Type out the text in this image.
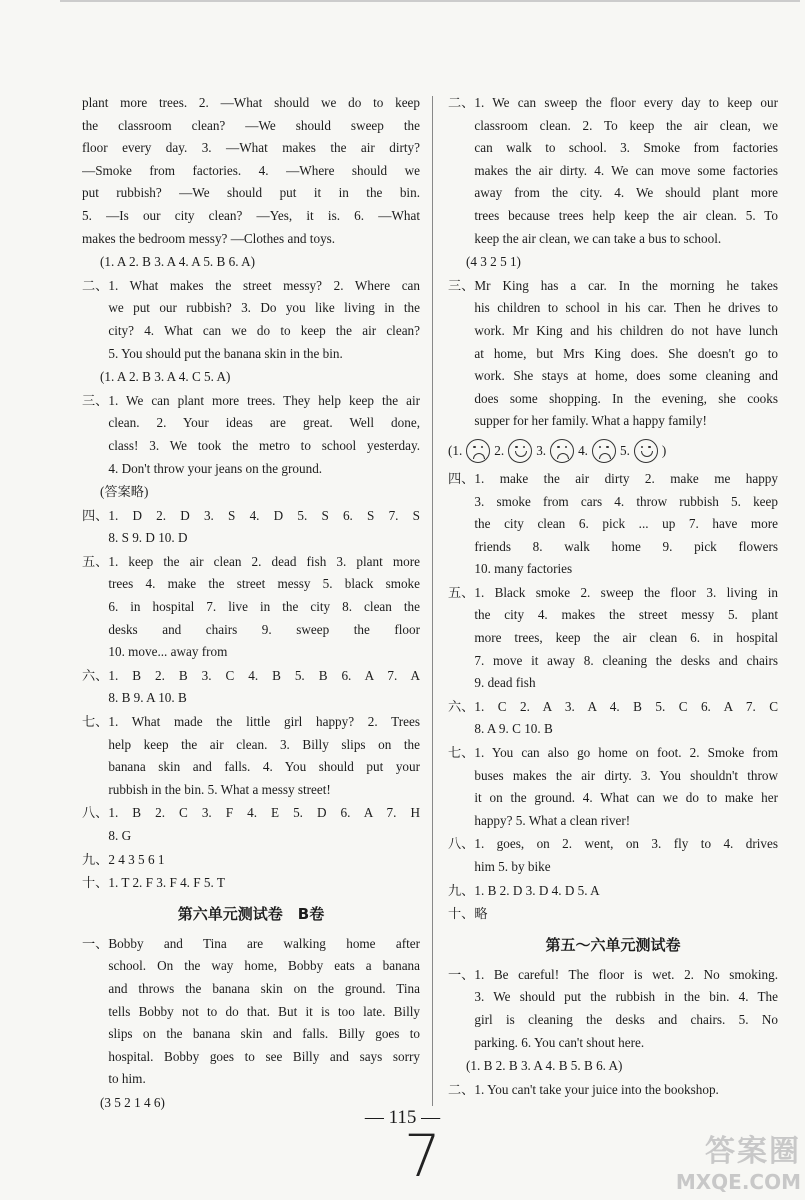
plant more trees. 2. —What should we do to keep
the classroom clean? —We should sweep the
floor every day. 3. —What makes the air dirty?
—Smoke from factories. 4. —Where should we
put rubbish? —We should put it in the bin.
5. —Is our city clean? —Yes, it is. 6. —What
makes the bedroom messy? —Clothes and toys.
(1. A 2. B 3. A 4. A 5. B 6. A)
二、 1. What makes the street messy? 2. Where can
we put our rubbish? 3. Do you like living in the
city? 4. What can we do to keep the air clean?
5. You should put the banana skin in the bin.
(1. A 2. B 3. A 4. C 5. A)
三、 1. We can plant more trees. They help keep the air
clean. 2. Your ideas are great. Well done,
class! 3. We took the metro to school yesterday.
4. Don't throw your jeans on the ground.
(答案略)
四、 1. D 2. D 3. S 4. D 5. S 6. S 7. S
8. S 9. D 10. D
五、 1. keep the air clean 2. dead fish 3. plant more
trees 4. make the street messy 5. black smoke
6. in hospital 7. live in the city 8. clean the
desks and chairs 9. sweep the floor
10. move... away from
六、 1. B 2. B 3. C 4. B 5. B 6. A 7. A
8. B 9. A 10. B
七、 1. What made the little girl happy? 2. Trees
help keep the air clean. 3. Billy slips on the
banana skin and falls. 4. You should put your
rubbish in the bin. 5. What a messy street!
八、 1. B 2. C 3. F 4. E 5. D 6. A 7. H
8. G
九、 2 4 3 5 6 1
十、 1. T 2. F 3. F 4. F 5. T
第六单元测试卷　B卷
一、 Bobby and Tina are walking home after
school. On the way home, Bobby eats a banana
and throws the banana skin on the ground. Tina
tells Bobby not to do that. But it is too late. Billy
slips on the banana skin and falls. Billy goes to
hospital. Bobby goes to see Billy and says sorry
to him.
(3 5 2 1 4 6)
二、 1. We can sweep the floor every day to keep our
classroom clean. 2. To keep the air clean, we
can walk to school. 3. Smoke from factories
makes the air dirty. 4. We can move some factories
away from the city. 4. We should plant more
trees because trees help keep the air clean. 5. To
keep the air clean, we can take a bus to school.
(4 3 2 5 1)
三、 Mr King has a car. In the morning he takes
his children to school in his car. Then he drives to
work. Mr King and his children do not have lunch
at home, but Mrs King does. She doesn't go to
work. She stays at home, does some cleaning and
does some shopping. In the evening, she cooks
supper for her family. What a happy family!
(1. 2. 3. 4. 5. )
四、 1. make the air dirty 2. make me happy
3. smoke from cars 4. throw rubbish 5. keep
the city clean 6. pick ... up 7. have more
friends 8. walk home 9. pick flowers
10. many factories
五、 1. Black smoke 2. sweep the floor 3. living in
the city 4. makes the street messy 5. plant
more trees, keep the air clean 6. in hospital
7. move it away 8. cleaning the desks and chairs
9. dead fish
六、 1. C 2. A 3. A 4. B 5. C 6. A 7. C
8. A 9. C 10. B
七、 1. You can also go home on foot. 2. Smoke from
buses makes the air dirty. 3. You shouldn't throw
it on the ground. 4. What can we do to make her
happy? 5. What a clean river!
八、 1. goes, on 2. went, on 3. fly to 4. drives
him 5. by bike
九、 1. B 2. D 3. D 4. D 5. A
十、 略
第五～六单元测试卷
一、 1. Be careful! The floor is wet. 2. No smoking.
3. We should put the rubbish in the bin. 4. The
girl is cleaning the desks and chairs. 5. No
parking. 6. You can't shout here.
(1. B 2. B 3. A 4. B 5. B 6. A)
二、 1. You can't take your juice into the bookshop.
— 115 —
7	答案圈
MXQE.COM
